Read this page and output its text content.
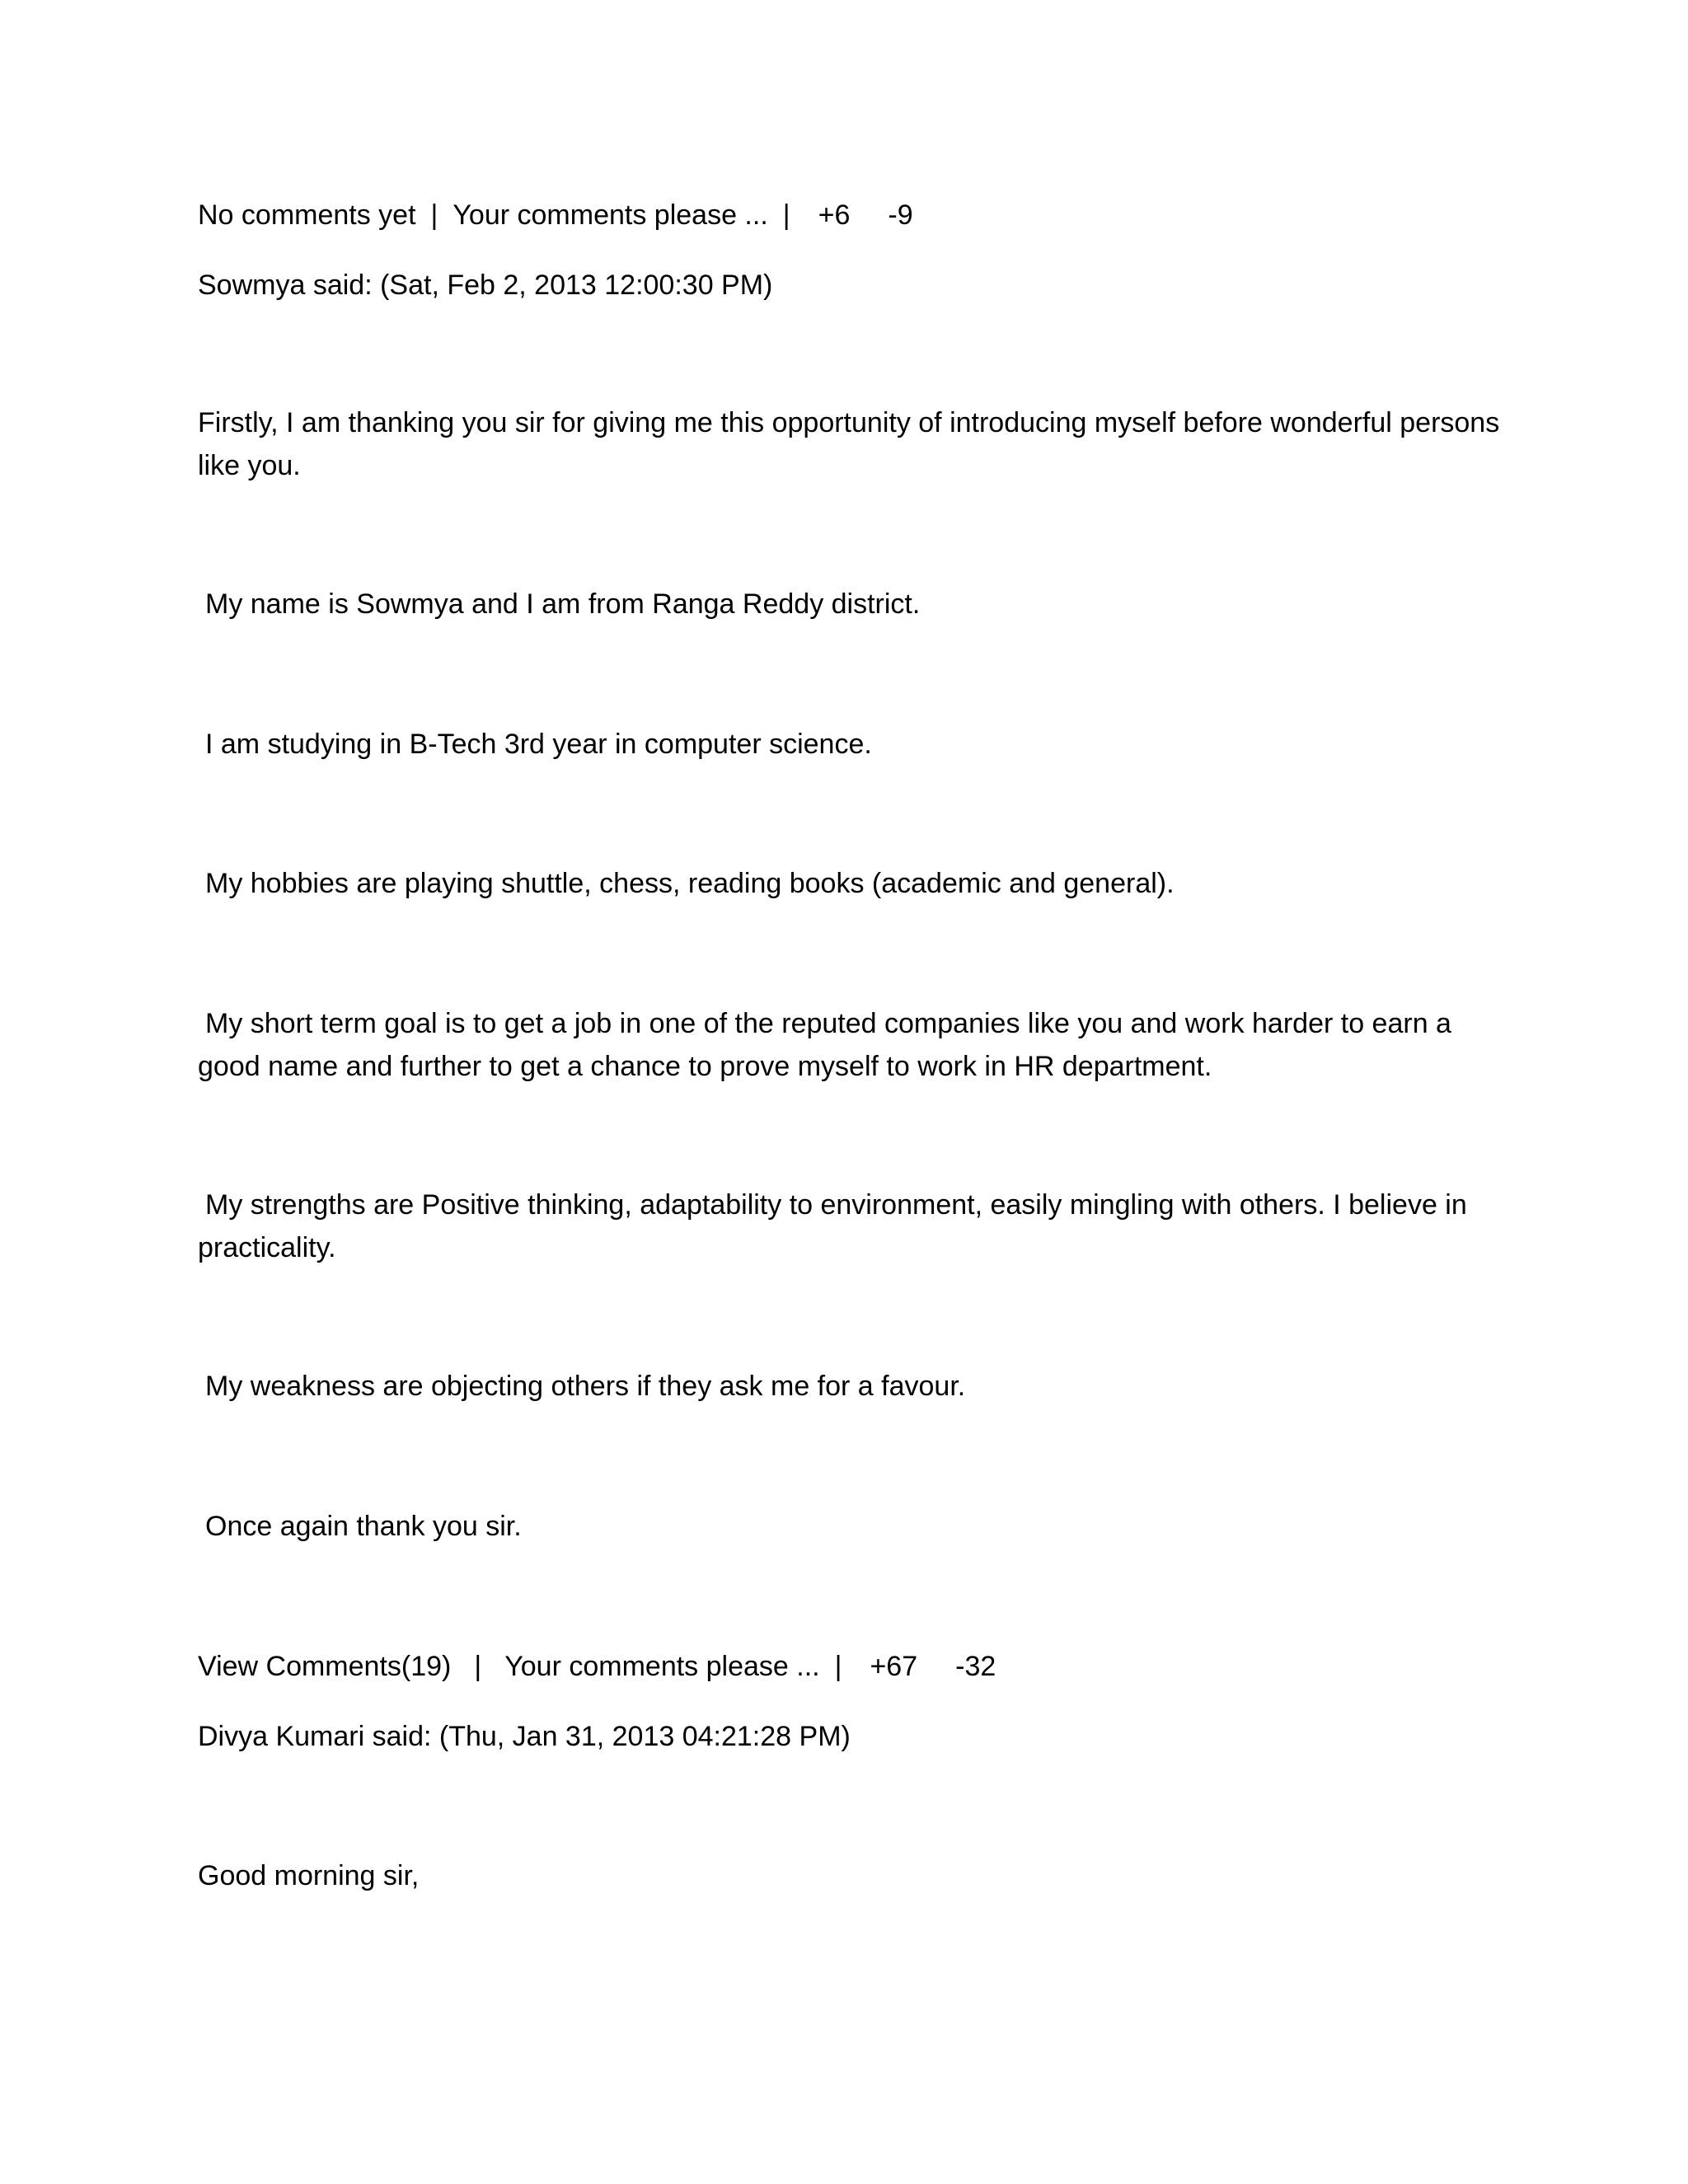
No comments yet | Your comments please ... | +6 -9

Sowmya said: (Sat, Feb 2, 2013 12:00:30 PM)

Firstly, I am thanking you sir for giving me this opportunity of introducing myself before wonderful persons like you.

My name is Sowmya and I am from Ranga Reddy district.

I am studying in B-Tech 3rd year in computer science.

My hobbies are playing shuttle, chess, reading books (academic and general).

My short term goal is to get a job in one of the reputed companies like you and work harder to earn a good name and further to get a chance to prove myself to work in HR department.

My strengths are Positive thinking, adaptability to environment, easily mingling with others. I believe in practicality.

My weakness are objecting others if they ask me for a favour.

Once again thank you sir.

View Comments(19) | Your comments please ... | +67 -32

Divya Kumari said: (Thu, Jan 31, 2013 04:21:28 PM)

Good morning sir,
